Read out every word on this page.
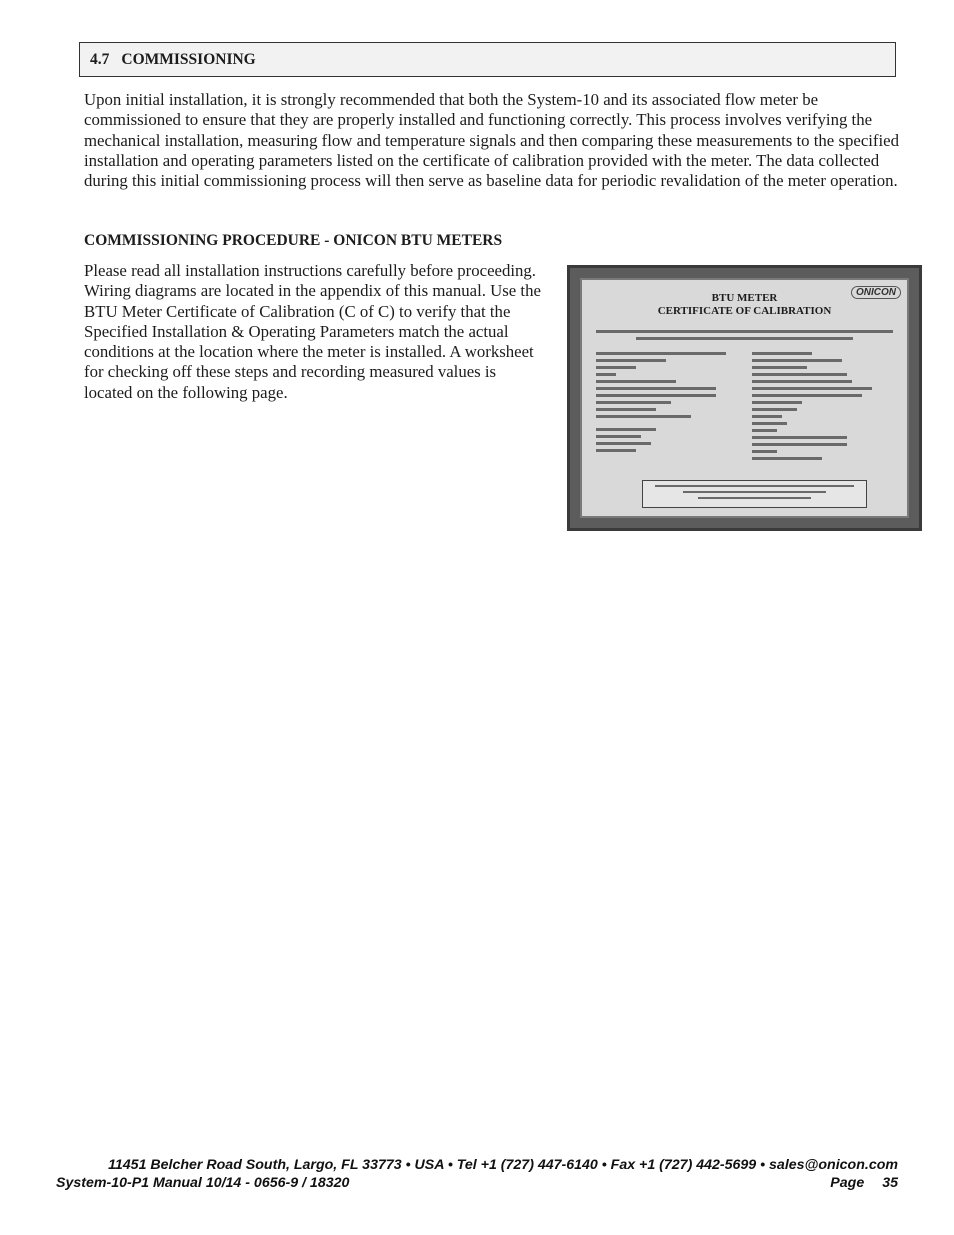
4.7 COMMISSIONING

Upon initial installation, it is strongly recommended that both the System-10 and its associated flow meter be commissioned to ensure that they are properly installed and functioning correctly. This process involves verifying the mechanical installation, measuring flow and temperature signals and then comparing these measurements to the specified installation and operating parameters listed on the certificate of calibration provided with the meter. The data collected during this initial commissioning process will then serve as baseline data for periodic revalidation of the meter operation.

COMMISSIONING PROCEDURE - ONICON BTU METERS

Please read all installation instructions carefully before proceeding. Wiring diagrams are located in the appendix of this manual. Use the BTU Meter Certificate of Calibration (C of C) to verify that the Specified Installation & Operating Parameters match the actual conditions at the location where the meter is installed. A worksheet for checking off these steps and recording measured values is located on the following page.

ONICON
BTU METER
CERTIFICATE OF CALIBRATION
11451 Belcher Road South, Largo, FL 33773 • USA • Tel +1 (727) 447-6140 • Fax +1 (727) 442-5699 • sales@onicon.com
System-10-P1 Manual 10/14 - 0656-9 / 18320	Page 35
